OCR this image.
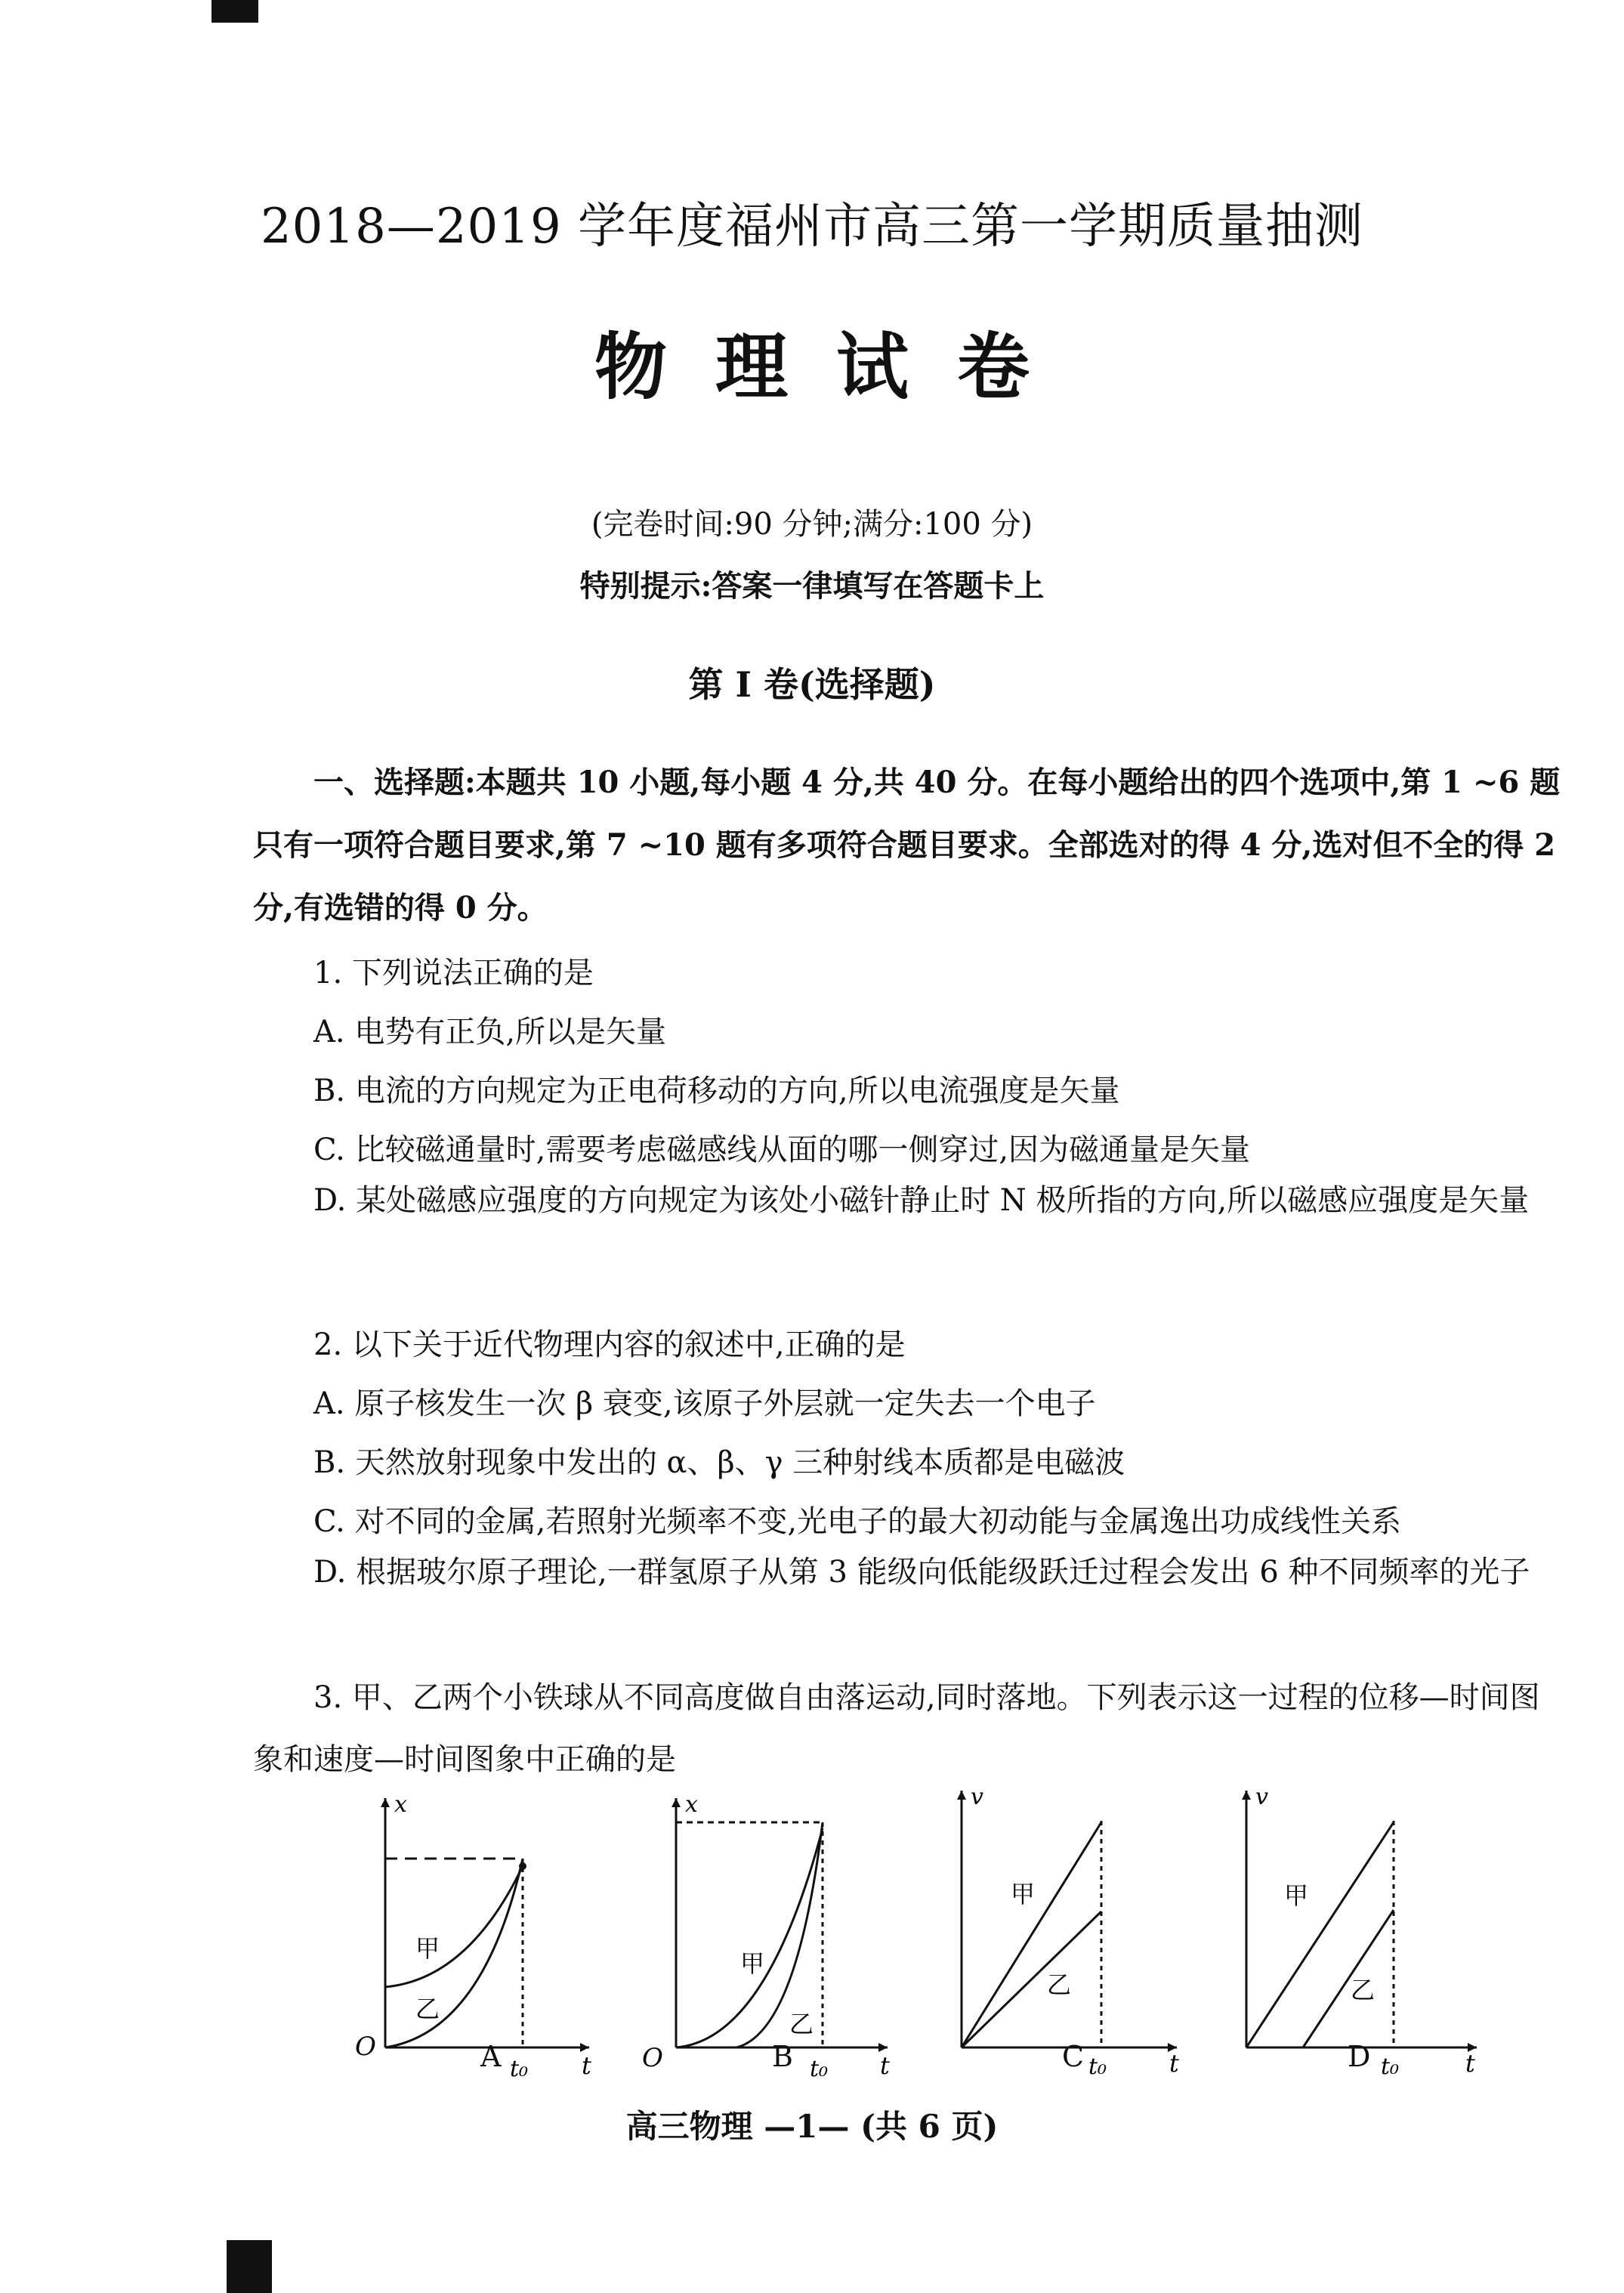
2018—2019 学年度福州市高三第一学期质量抽测
物理试卷
(完卷时间:90 分钟;满分:100 分)
特别提示:答案一律填写在答题卡上
第 I 卷(选择题)
一、选择题:本题共 10 小题,每小题 4 分,共 40 分。在每小题给出的四个选项中,第 1 ~6 题只有一项符合题目要求,第 7 ~10 题有多项符合题目要求。全部选对的得 4 分,选对但不全的得 2 分,有选错的得 0 分。
1. 下列说法正确的是
A. 电势有正负,所以是矢量
B. 电流的方向规定为正电荷移动的方向,所以电流强度是矢量
C. 比较磁通量时,需要考虑磁感线从面的哪一侧穿过,因为磁通量是矢量
D. 某处磁感应强度的方向规定为该处小磁针静止时 N 极所指的方向,所以磁感应强度是矢量
2. 以下关于近代物理内容的叙述中,正确的是
A. 原子核发生一次 β 衰变,该原子外层就一定失去一个电子
B. 天然放射现象中发出的 α、β、γ 三种射线本质都是电磁波
C. 对不同的金属,若照射光频率不变,光电子的最大初动能与金属逸出功成线性关系
D. 根据玻尔原子理论,一群氢原子从第 3 能级向低能级跃迁过程会发出 6 种不同频率的光子
3. 甲、乙两个小铁球从不同高度做自由落运动,同时落地。下列表示这一过程的位移—时间图象和速度—时间图象中正确的是
x
O
t
t₀
甲
乙
A
x
O	t
t₀
甲
乙
B
v
t
t₀
甲
乙
C
v
t
t₀
甲
乙
D
高三物理 —1— (共 6 页)
